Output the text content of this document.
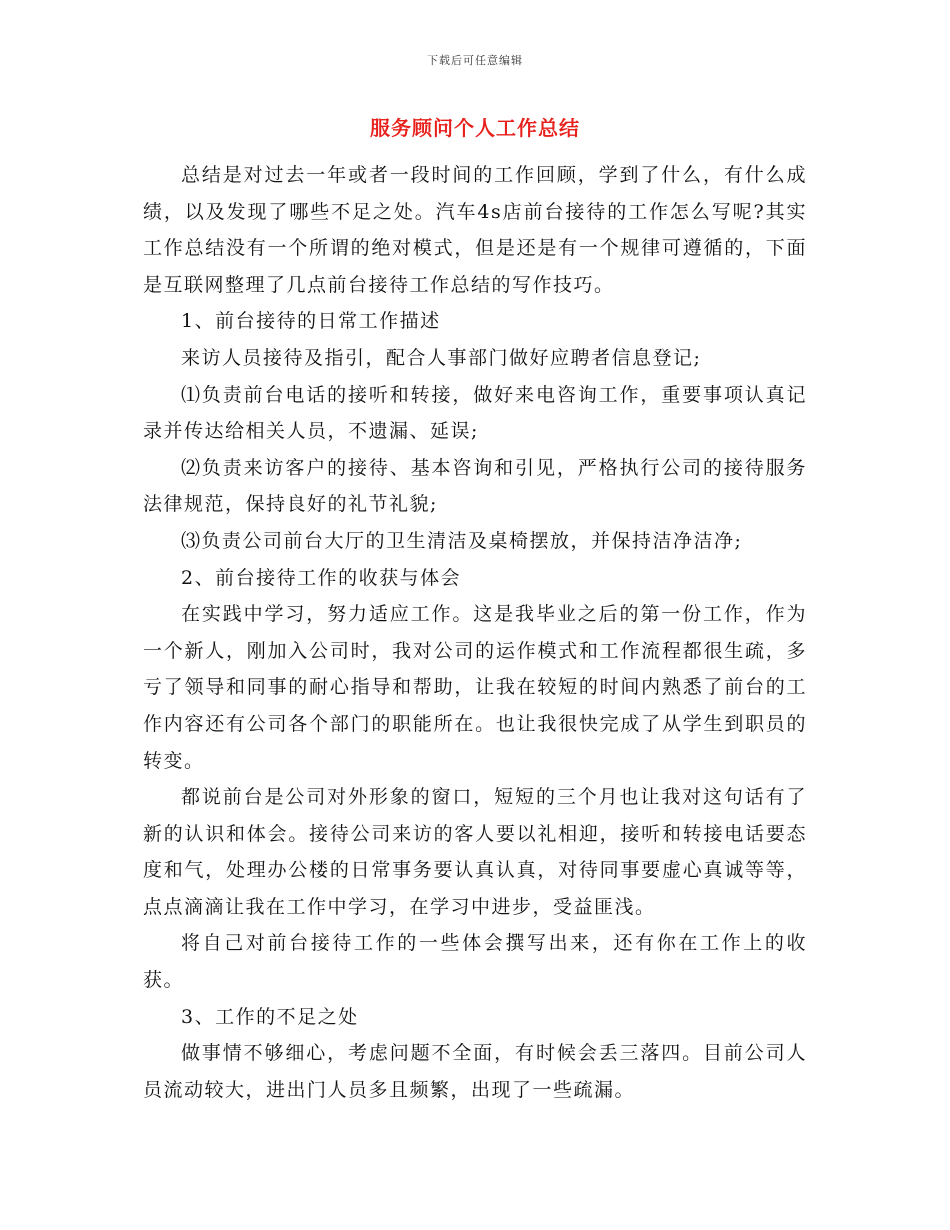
下载后可任意编辑
服务顾问个人工作总结

总结是对过去一年或者一段时间的工作回顾，学到了什么，有什么成绩，以及发现了哪些不足之处。汽车4s店前台接待的工作怎么写呢?其实工作总结没有一个所谓的绝对模式，但是还是有一个规律可遵循的，下面是互联网整理了几点前台接待工作总结的写作技巧。

1、前台接待的日常工作描述

来访人员接待及指引，配合人事部门做好应聘者信息登记;

⑴负责前台电话的接听和转接，做好来电咨询工作，重要事项认真记录并传达给相关人员，不遗漏、延误;

⑵负责来访客户的接待、基本咨询和引见，严格执行公司的接待服务法律规范，保持良好的礼节礼貌;

⑶负责公司前台大厅的卫生清洁及桌椅摆放，并保持洁净洁净;

2、前台接待工作的收获与体会

在实践中学习，努力适应工作。这是我毕业之后的第一份工作，作为一个新人，刚加入公司时，我对公司的运作模式和工作流程都很生疏，多亏了领导和同事的耐心指导和帮助，让我在较短的时间内熟悉了前台的工作内容还有公司各个部门的职能所在。也让我很快完成了从学生到职员的转变。

都说前台是公司对外形象的窗口，短短的三个月也让我对这句话有了新的认识和体会。接待公司来访的客人要以礼相迎，接听和转接电话要态度和气，处理办公楼的日常事务要认真认真，对待同事要虚心真诚等等，点点滴滴让我在工作中学习，在学习中进步，受益匪浅。

将自己对前台接待工作的一些体会撰写出来，还有你在工作上的收获。

3、工作的不足之处

做事情不够细心，考虑问题不全面，有时候会丢三落四。目前公司人员流动较大，进出门人员多且频繁，出现了一些疏漏。
